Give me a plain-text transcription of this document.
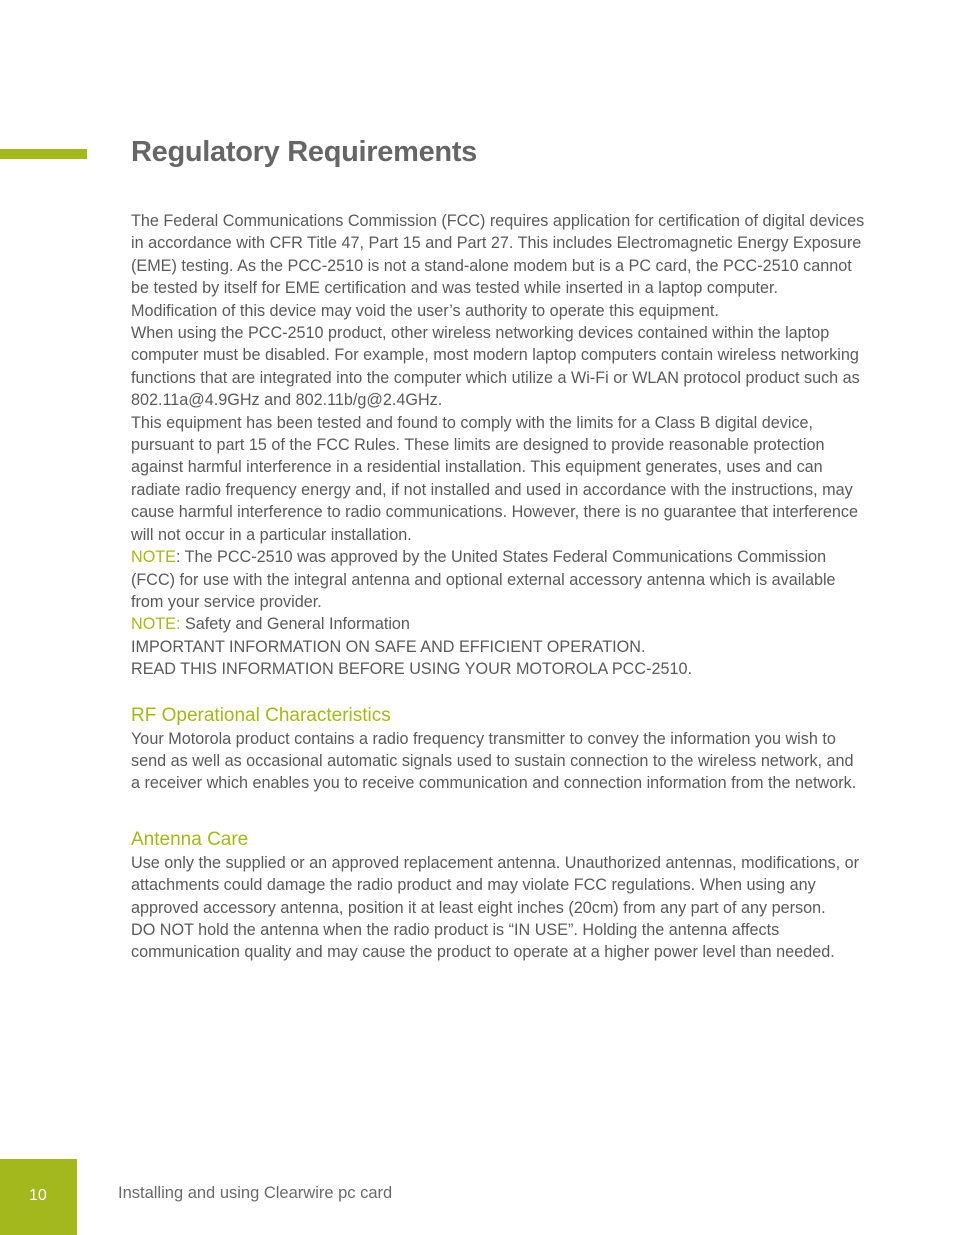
Regulatory Requirements

The Federal Communications Commission (FCC) requires application for certification of digital devices in accordance with CFR Title 47, Part 15 and Part 27. This includes Electromagnetic Energy Exposure (EME) testing. As the PCC-2510 is not a stand-alone modem but is a PC card, the PCC-2510 cannot be tested by itself for EME certification and was tested while inserted in a laptop computer.

Modification of this device may void the user’s authority to operate this equipment.

When using the PCC-2510 product, other wireless networking devices contained within the laptop computer must be disabled. For example, most modern laptop computers contain wireless networking functions that are integrated into the computer which utilize a Wi-Fi or WLAN protocol product such as 802.11a@4.9GHz and 802.11b/g@2.4GHz.

This equipment has been tested and found to comply with the limits for a Class B digital device, pursuant to part 15 of the FCC Rules. These limits are designed to provide reasonable protection against harmful interference in a residential installation. This equipment generates, uses and can radiate radio frequency energy and, if not installed and used in accordance with the instructions, may cause harmful interference to radio communications. However, there is no guarantee that interference will not occur in a particular installation.

NOTE: The PCC-2510 was approved by the United States Federal Communications Commission (FCC) for use with the integral antenna and optional external accessory antenna which is available from your service provider.

NOTE: Safety and General Information

IMPORTANT INFORMATION ON SAFE AND EFFICIENT OPERATION.

READ THIS INFORMATION BEFORE USING YOUR MOTOROLA PCC-2510.

RF Operational Characteristics

Your Motorola product contains a radio frequency transmitter to convey the information you wish to send as well as occasional automatic signals used to sustain connection to the wireless network, and a receiver which enables you to receive communication and connection information from the network.

Antenna Care

Use only the supplied or an approved replacement antenna. Unauthorized antennas, modifications, or attachments could damage the radio product and may violate FCC regulations. When using any approved accessory antenna, position it at least eight inches (20cm) from any part of any person.

DO NOT hold the antenna when the radio product is “IN USE”. Holding the antenna affects communication quality and may cause the product to operate at a higher power level than needed.

10	Installing and using Clearwire pc card
